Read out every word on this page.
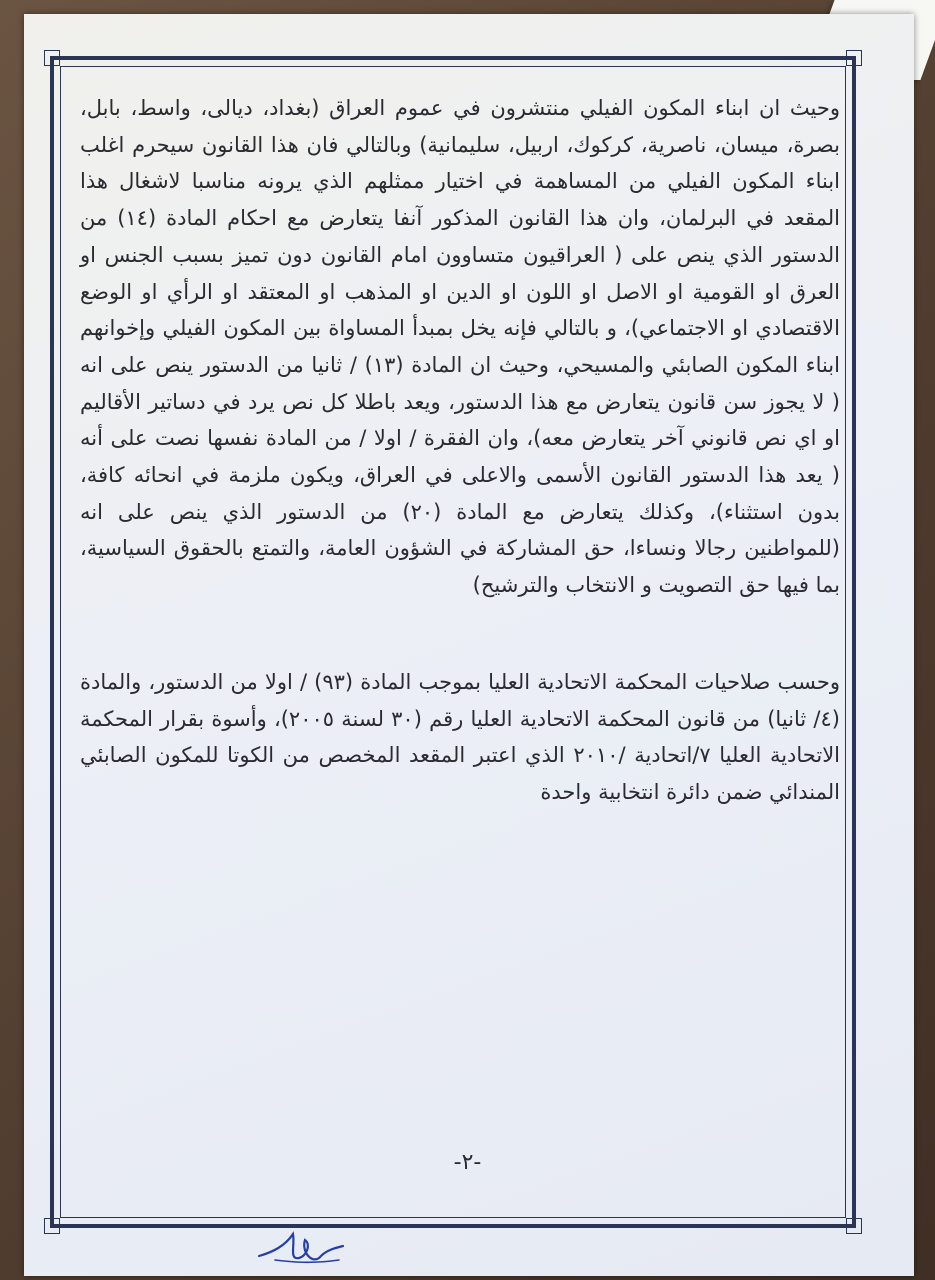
وحيث ان ابناء المكون الفيلي منتشرون في عموم العراق (بغداد، ديالى، واسط، بابل، بصرة، ميسان، ناصرية، كركوك، اربيل، سليمانية) وبالتالي فان هذا القانون سيحرم اغلب ابناء المكون الفيلي من المساهمة في اختيار ممثلهم الذي يرونه مناسبا لاشغال هذا المقعد في البرلمان، وان هذا القانون المذكور آنفا يتعارض مع احكام المادة (١٤) من الدستور الذي ينص على ( العراقيون متساوون امام القانون دون تميز بسبب الجنس او العرق او القومية او الاصل او اللون او الدين او المذهب او المعتقد او الرأي او الوضع الاقتصادي او الاجتماعي)، و بالتالي فإنه يخل بمبدأ المساواة بين المكون الفيلي وإخوانهم ابناء المكون الصابئي والمسيحي، وحيث ان المادة (١٣) / ثانيا من الدستور ينص على انه ( لا يجوز سن قانون يتعارض مع هذا الدستور، ويعد باطلا كل نص يرد في دساتير الأقاليم او اي نص قانوني آخر يتعارض معه)، وان الفقرة / اولا / من المادة نفسها نصت على أنه ( يعد هذا الدستور القانون الأسمى والاعلى في العراق، ويكون ملزمة في انحائه كافة، بدون استثناء)، وكذلك يتعارض مع المادة (٢٠) من الدستور الذي ينص على انه (للمواطنين رجالا ونساءا، حق المشاركة في الشؤون العامة، والتمتع بالحقوق السياسية، بما فيها حق التصويت و الانتخاب والترشيح)

وحسب صلاحيات المحكمة الاتحادية العليا بموجب المادة (٩٣) / اولا من الدستور، والمادة (٤/ ثانيا) من قانون المحكمة الاتحادية العليا رقم (٣٠ لسنة ٢٠٠٥)، وأسوة بقرار المحكمة الاتحادية العليا ٧/اتحادية /٢٠١٠ الذي اعتبر المقعد المخصص من الكوتا للمكون الصابئي المندائي ضمن دائرة انتخابية واحدة

-٢-
